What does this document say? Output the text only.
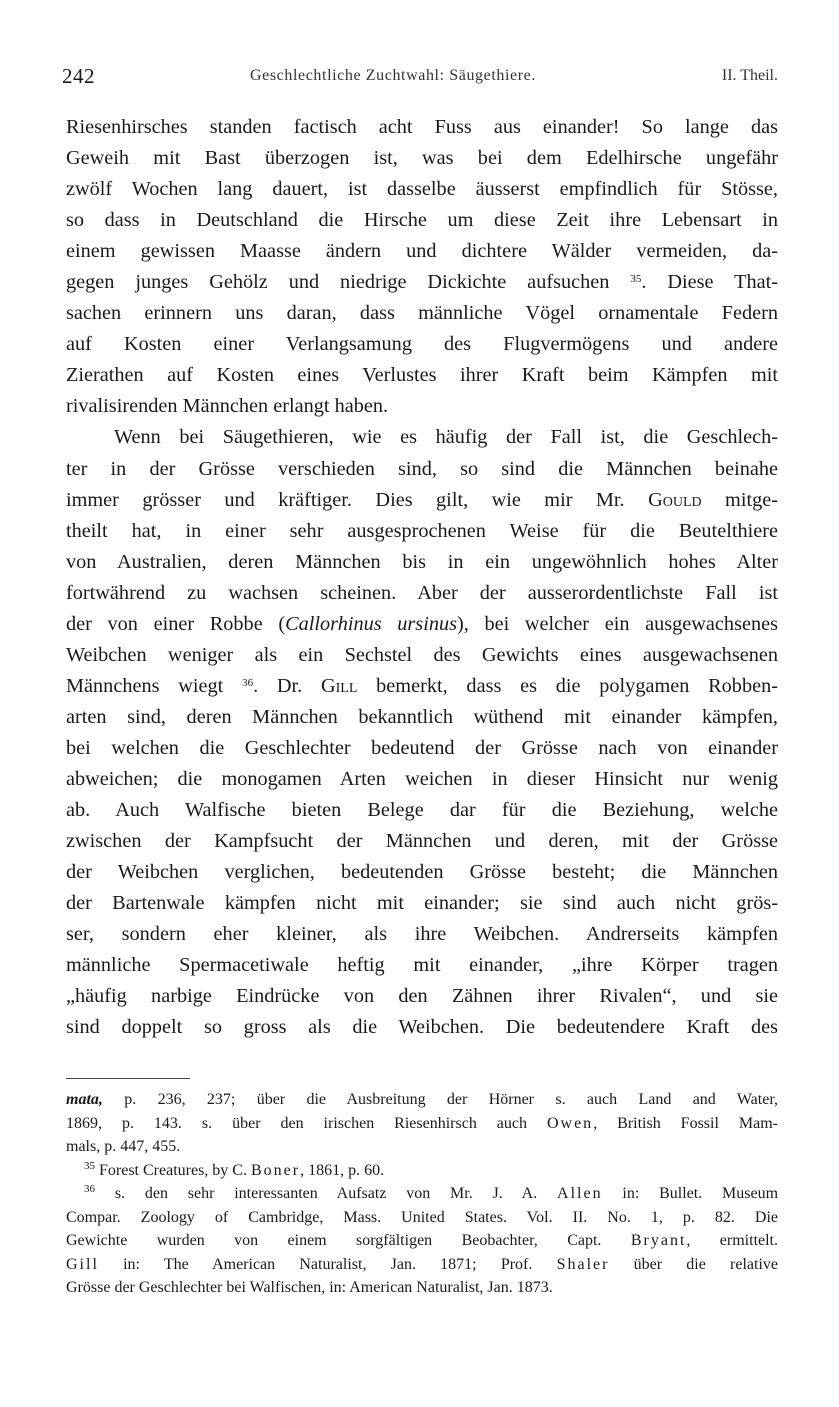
242	Geschlechtliche Zuchtwahl: Säugethiere.	II. Theil.

Riesenhirsches standen factisch acht Fuss aus einander! So lange das
Geweih mit Bast überzogen ist, was bei dem Edelhirsche ungefähr
zwölf Wochen lang dauert, ist dasselbe äusserst empfindlich für Stösse,
so dass in Deutschland die Hirsche um diese Zeit ihre Lebensart in
einem gewissen Maasse ändern und dichtere Wälder vermeiden, da-
gegen junges Gehölz und niedrige Dickichte aufsuchen $^{35}$. Diese That-
sachen erinnern uns daran, dass männliche Vögel ornamentale Federn
auf Kosten einer Verlangsamung des Flugvermögens und andere
Zierathen auf Kosten eines Verlustes ihrer Kraft beim Kämpfen mit
rivalisirenden Männchen erlangt haben.

Wenn bei Säugethieren, wie es häufig der Fall ist, die Geschlech-
ter in der Grösse verschieden sind, so sind die Männchen beinahe
immer grösser und kräftiger. Dies gilt, wie mir Mr. Gould mitge-
theilt hat, in einer sehr ausgesprochenen Weise für die Beutelthiere
von Australien, deren Männchen bis in ein ungewöhnlich hohes Alter
fortwährend zu wachsen scheinen. Aber der ausserordentlichste Fall ist
der von einer Robbe (Callorhinus ursinus), bei welcher ein ausgewachsenes
Weibchen weniger als ein Sechstel des Gewichts eines ausgewachsenen
Männchens wiegt $^{36}$. Dr. Gill bemerkt, dass es die polygamen Robben-
arten sind, deren Männchen bekanntlich wüthend mit einander kämpfen,
bei welchen die Geschlechter bedeutend der Grösse nach von einander
abweichen; die monogamen Arten weichen in dieser Hinsicht nur wenig
ab. Auch Walfische bieten Belege dar für die Beziehung, welche
zwischen der Kampfsucht der Männchen und deren, mit der Grösse
der Weibchen verglichen, bedeutenden Grösse besteht; die Männchen
der Bartenwale kämpfen nicht mit einander; sie sind auch nicht grös-
ser, sondern eher kleiner, als ihre Weibchen. Andrerseits kämpfen
männliche Spermacetiwale heftig mit einander, „ihre Körper tragen
„häufig narbige Eindrücke von den Zähnen ihrer Rivalen“, und sie
sind doppelt so gross als die Weibchen. Die bedeutendere Kraft des

mata, p. 236, 237; über die Ausbreitung der Hörner s. auch Land and Water,
1869, p. 143. s. über den irischen Riesenhirsch auch Owen, British Fossil Mam-
mals, p. 447, 455.
$^{35}$ Forest Creatures, by C. Boner, 1861, p. 60.
$^{36}$ s. den sehr interessanten Aufsatz von Mr. J. A. Allen in: Bullet. Museum
Compar. Zoology of Cambridge, Mass. United States. Vol. II. No. 1, p. 82. Die
Gewichte wurden von einem sorgfältigen Beobachter, Capt. Bryant, ermittelt.
Gill in: The American Naturalist, Jan. 1871; Prof. Shaler über die relative
Grösse der Geschlechter bei Walfischen, in: American Naturalist, Jan. 1873.
